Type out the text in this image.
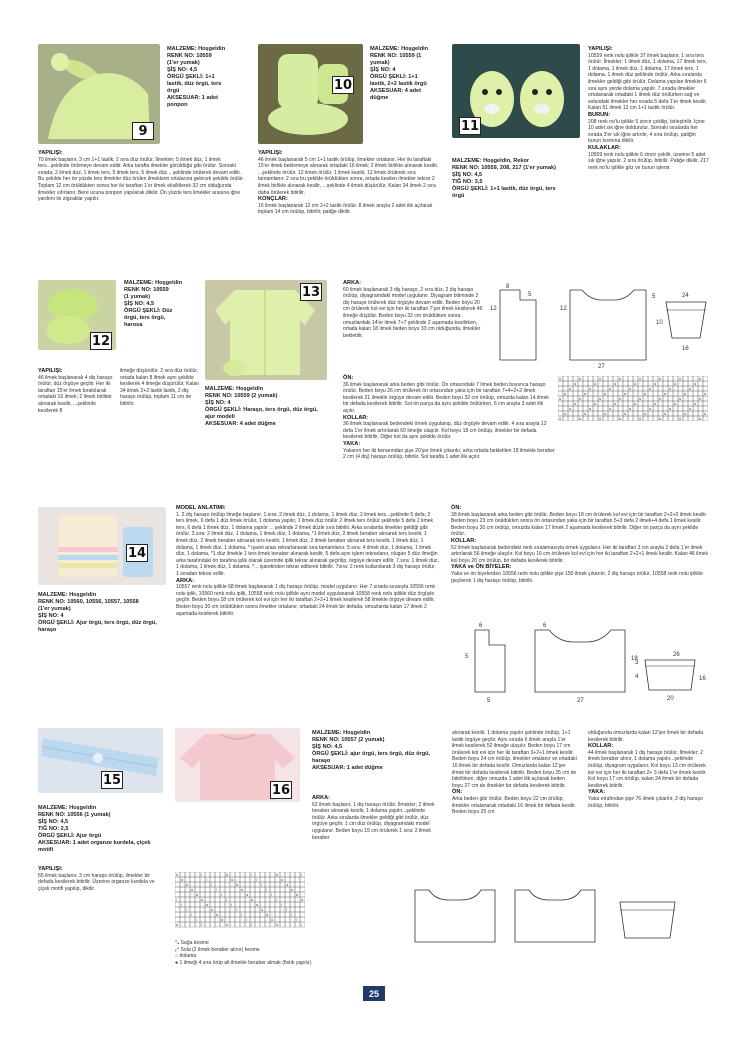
9
MALZEME: Hoşgeldin
RENK NO: 10559
(1'er yumak)
ŞİŞ NO: 4,5
ÖRGÜ ŞEKLİ: 1+1
lastik, düz örgü, ters
örgü
AKSESUAR: 1 adet
ponpon

YAPILIŞI:

70 ilmek başlanır, 3 cm 1+1 lastik, 2 sıra düz örülür. İlmekler; 5 ilmek düz, 1 ilmek ters...şeklinde örülmeye devam edilir. Arka tarafta ilmekler görüldüğü gibi örülür. Sonraki sırada; 2 ilmek düz, 1 ilmek ters, 5 ilmek ters, 5 ilmek düz... şeklinde örülerek devam edilir. Bu şekilde her ön yüzde ters ilmekler düz örülen ilmeklerin ortalarına gelecek şekilde örülür. Toplam 12 cm örüldükten sonra her iki taraftan 1'er ilmek eksiltilerek 32 cm olduğunda ilmekler sıfırlanır. Bere ucuna ponpon yapılarak dikilir. Ön yüzde ters ilmekler arasına iğne yardımı ile zigzaklar yapılır.

10
MALZEME: Hoşgeldin
RENK NO: 10559 (1
yumak)
ŞİŞ NO: 4
ÖRGÜ ŞEKLİ: 1+1
lastik, 2+2 lastik örgü
AKSESUAR: 4 adet
düğme

YAPILIŞI:

46 ilmek başlanarak 5 cm 1+1 lastik örülüp, ilmekler ortalanır. Her iki taraftaki 15'er ilmek beklemeye alınarak ortadaki 16 ilmek; 2 ilmek birlikte alınarak kesilir, ...şeklinde örülür. 12 ilmek örülür, 1 ilmek kesilir, 12 ilmek örülerek sıra tamamlanır. 2 sıra bu şekilde örüldükten sonra, ortada kesilen ilmekler tekrar 2 ilmek birlikte alınarak kesilir, ...şeklinde 4 ilmek düşürülür. Kalan 34 ilmek 2 sıra daha örülerek bitirilir.

KONÇLAR:

16 ilmek başlanarak 12 cm 2+2 lastik örülür. 8 ilmek arayla 2 adet ilik açılarak toplam 14 cm örülüp, bitirilir, patiğe dikilir.

11
MALZEME: Hoşgeldin, Rekor
RENK NO: 10559, 208, 217 (1'er yumak)
ŞİŞ NO: 4,5
TIĞ NO: 3,5
ÖRGÜ ŞEKLİ: 1+1 lastik, düz örgü, ters
örgü

YAPILIŞI:

10559 renk nolu iplikle 37 ilmek başlanır, 1 sıra ters örülür. İlmekler; 1 ilmek düz, 1 dolama, 17 ilmek ters, 1 dolama, 1 ilmek düz, 1 dolama, 17 ilmek ters, 1 dolama, 1 ilmek düz şeklinde örülür. Arka sıralarda ilmekler geldiği gibi örülür. Dolama yapılan ilmekler 6 sıra aynı yerde dolama yapılır. 7.sırada ilmekler ortalanarak ortadaki 1 ilmek düz örülürken sağ ve solundaki ilmekler her sırada 5 defa 1'er ilmek kesilir. Kalan 51 ilmek 12 cm 1+1 lastik örülür.

BURUN:

208 renk no'lu iplikle 5 zincir çekilip, birleştirilir. İçine 10 adet sık iğne doldurulur. Sonraki sıralarda her sırada 3'er sık iğne artırılır, 4 sıra örülüp, patiğin burun kısmına dikilir.

KULAKLAR:

10559 renk nolu iplikle 6 zincir çekilir, üzerine 5 adet sık iğne yapılır. 2 sıra örülüp, bitirilir. Patiğe dikilir. 217 renk no'lu iplikle göz ve burun işlenir.

12
MALZEME: Hoşgeldin
RENK NO: 10559
(1 yumak)
ŞİŞ NO: 4,5
ÖRGÜ ŞEKLİ: Düz
örgü, ters örgü,
harosa

YAPILIŞI:

46 ilmek başlanarak 4 diş haraşo örülür, düz örgüye geçilir. Her iki taraftan 15'er ilmek bırakılarak ortadaki 16 ilmek; 2 ilmek birlikte alınarak kesilir, ...şeklinde kesilerek 8

ilmeğe düşürülür. 2 sıra düz örülür, ortada kalan 8 ilmek aynı şekilde kesilerek 4 ilmeğe düşürülür. Kalan 34 ilmek 2+2 lastik lastik, 2 diş haraşo örülüp, toplam 11 cm de bitirilir.

13
MALZEME: Hoşgeldin
RENK NO: 10559 (2 yumak)
ŞİŞ NO: 4
ÖRGÜ ŞEKLİ: Haraşo, ters örgü, düz örgü,
ajur modeli
AKSESUAR: 4 adet düğme

ARKA:

60 ilmek başlanarak 3 diş haraşo, 2 sıra düz, 2 diş haraşo örülüp, diyagramdaki model uygulanır. Diyagram bitiminde 2 diş haraşo örülerek düz örgüyle devam edilir. Beden boyu 20 cm örülerek kol evi için her iki taraftan 7'şer ilmek kesilerek 46 ilmeğe düşülür. Beden boyu 32 cm örüldükten sonra omuzlardaki 14'er ilmek 7+7 şeklinde 2 aşamada kesilirken, ortada kalan 18 ilmek beden boyu 33 cm olduğunda, ilmekler bekletilir.

ÖN:

36 ilmek başlanarak arka beden gibi örülür. Ön ortasındaki 7 ilmek beden boyunca haraşo örülür. Beden boyu 26 cm örülerek ön ortasından yaka için bir taraftan 7+4+2+2 ilmek kesilerek 21 ilmekle örgüye devam edilir. Beden boyu 32 cm örülüp, omuzda kalan 14 ilmek bir defada kesilerek bitirilir. Sol ön parça da aynı şekilde örülürken, 6 cm arayla 3 adet ilik açılır.

KOLLAR:

36 ilmek başlanarak bedendeki örnek uygulanıp, düz örgüyle devam edilir. 4 sıra arayla 12 defa 1'er ilmek artırılarak 60 ilmeğe ulaşılır. Kol boyu 18 cm örülüp, ilmekler bir defada kesilerek bitirilir. Diğer kol da aynı şekilde örülür.

YAKA:

Yakanın her iki kenarından şişe 20'şer ilmek çıkarılır, arka ortada bekletilen 18 ilmekle beraber 2 cm (4 diş) haraşo örülüp, bitirilir. Sol tarafta 1 adet ilik açılır.

12
5
8
27
12
5	24
10
16
o	o	o	o	o	o	o	o
o	o	o	o	o	o	o
o	o	o	o	o	o	o
o	o	o	o	o	o	o	o
o	o	o	o	o	o	o	o
o	o	o	o	o	o	o
o	o	o	o	o	o	o
o	o	o	o	o	o	o	o
o	o	o	o	o	o	o	o
14
MALZEME: Hoşgeldin
RENK NO: 10560, 10556, 10557, 10558
(1'er yumak)
ŞİŞ NO: 4
ÖRGÜ ŞEKLİ: Ajur örgü, ters örgü, düz örgü,
haraşo

MODEL ANLATIMI:

1. 2.diş haraşo örülüp ilmeğe başlanır. 1.sıra: 2 ilmek düz, 1 dolama, 1 ilmek düz, 2 ilmek ters...şeklinde 5 defa; 2 ters ilmek, 6 defa 1 düz ilmek örülür, 1 dolama yapılır, 1 ilmek düz örülür 2 ilmek ters örülür şeklinde 5 defa 2 ilmek ters, 6 defa 1 ilmek düz, 1 dolama yapılır ... şeklinde 2 ilmek düzle sıra bitirilir. Arka sıralarda ilmekler geldiği gibi örülür. 3.sıra: 2 ilmek düz, 1 dolama, 1 ilmek düz, 1 dolama, *1 ilmek düz, 2 ilmek beraber alınarak ters kesilir, 1 ilmek düz, 2 ilmek beraber alınarak ters kesilir, 1 ilmek düz, 2 ilmek beraber alınarak ters kesilir, 1 ilmek düz, 1 dolama, 1 ilmek düz, 1 dolama, * işaret arası tekrarlanarak sıra tamamlanır. 5.sıra: 4 ilmek düz, 1 dolama, 1 ilmek düz, 1 dolama, *1 düz ilmekle 1 ters ilmek beraber alınarak kesilir, 5 defa aynı işlem tekrarlanır, olugan 5 düz ilmeğin arka tarafındaki ön tarafına iplik olarak üzerinde iplik tekrar alınarak geçirilip, örgüye devam edilir. 7.sıra: 1 ilmek düz, 1 dolama, 1 ilmek düz, 1 dolama, *... işaretinden tekrar edilerek bitirilir. 7sıra: 2 renk kullanılarak 3 diş haraşo örülür, 1 sıradan tekrar edilir.

ARKA:

10557 renk nolu iplikle 68 ilmek başlanarak 1 diş haraşo örülüp, model uygulanır. Her 7.sırada sırasıyla 10556 renk nolu iplik, 10560 renk nolu iplik, 10558 renk nolu iplikle aynı model uygulanarak 10558 renk nolu iplikle düz örgüyle geçilir. Beden boyu 18 cm örülerek kol evi için her iki taraftan 2+2+1 ilmek kesilerek 58 ilmekle örgüye devam edilir. Beden boyu 30 cm örüldükten sonra ilmekler ortalanır, ortadaki 24 ilmek bir defada, omuzlarda kalan 17 ilmek 2 aşamada kesilerek bitirilir.

ÖN:

38 ilmek başlanarak arka beden gibi örülür. Beden boyu 18 cm örülerek kol evi için bir taraftan 2+2+2 ilmek kesilir. Beden boyu 23 cm örüldükten sonra ön ortasından yaka için bir taraftan 5+3 defa 2 ilmek+4 defa 1 ilmek kesilir. Beden boyu 30 cm örülüp, omuzda kalan 17 ilmek 2 aşamada kesilerek bitirilir. Diğer ön parça da aynı şekilde örülür.

KOLLAR:

52 ilmek başlanarak bedendeki renk sıralamasıyla örnek uygulanır. Her iki taraftan 3 cm arayla 2 defa 1'er ilmek artırılarak 56 ilmeğe ulaşılır. Kol boyu 16 cm örülerek kol evi için her iki taraftan 2+2+1 ilmek kesilir. Kalan 46 ilmek kol boyu 20 cm örülüp, bir defada kesilerek bitirilir.

YAKA ve ÖN BİYELER:

Yaka ve ön biyelerden 10556 renk nolu iplikle şişe 150 ilmek çıkarılır, 2 diş haraşo örülür, 10558 renk nolu iplikle geçilerek 1 diş haraşo örülüp, bitirilir.

6
5
5
6
18
27
3
4
20
26
16
15
MALZEME: Hoşgeldin
RENK NO: 10556 (1 yumak)
ŞİŞ NO: 4,5
TIĞ NO: 2,5
ÖRGÜ ŞEKLİ: Ajur örgü
AKSESUAR: 1 adet organze kurdela, çiçek
motifi

YAPILIŞI:

65 ilmek başlanır, 3 cm haraşo örülüp, ilmekler bir defada kesilerek bitirilir. Üzerine organze kurdela ve çiçek motifi yapılıp, dikilir.

16
MALZEME: Hoşgeldin
RENK NO: 10557 (2 yumak)
ŞİŞ NO: 4,5
ÖRGÜ ŞEKLİ: ajur örgü, ters örgü, düz örgü,
haraşo
AKSESUAR: 1 adet düğme

ARKA:

62 ilmek başlanır, 1 diş haraşo örülür. İlmekler; 2 ilmek beraber alınarak kesilir, 1 dolama yapılır...şeklinde örülür. Arka sıralarda ilmekler geldiği gibi örülür, düz örgüye geçilir. 1 cm düz örülüp, diyagramdaki model uygulanır. Beden boyu 15 cm örülerek 1 sıra; 2 ilmek beraber

alınarak kesilir, 1 dolama yapılır şeklinde örülüp, 1+1 lastik örgüye geçilir. Aynı sırada 6 ilmek arayla 1'er ilmek kesilerek 52 ilmeğe ulaşılır. Beden boyu 17 cm örülerek kol evi için her iki taraftan 3+2+1 ilmek kesilir. Beden boyu 24 cm örülüp, ilmekler ortalanır ve ortadaki 16 ilmek bir defada kesilir. Omuzlarda kalan 12'şer ilmek bir defada kesilerek bitirilir. Beden boyu 25 cm de bitirilirken, diğer omuzda 1 adet ilik açılarak beden boyu 27 cm de ilmekler bir defada kesilerek bitirilir.

ÖN:

Arka beden gibi örülür. Beden boyu 22 cm örülüp, ilmekler ortalanarak ortadaki 16 ilmek bir defada kesilir. Beden boyu 25 cm

olduğunda omuzlarda kalan 12'şer ilmek bir defada kesilerek bitirilir.

KOLLAR:

44 ilmek başlanarak 1 diş haraşo örülür. İlmekler; 2 ilmek beraber alınır, 1 dolama yapılır...şeklinde örülüp, diyagram uygulanır. Kol boyu 13 cm örülerek kol evi için her iki taraftan 2+ 3 defa 1'er ilmek kesilir. Kol boyu 17 cm örülüp, kalan 24 ilmek bir defada kesilerek bitirilir.

YAKA:

Yaka etrafından şişe 76 ilmek çıkarılır, 2 diş haraşo örülüp, bitirilir.

o	/	o	/	o	/
o	/	o	/	o
o	/	o	/	o
o	/	o	/	o
o	/	o	/	o
/	o	/	o	/	o
/	o	/	o	/
/	o	/	o	/
/	o	/	o	/
/	o	/	o	/
o	/	o	/	o	/

⤡ Sağa kesme

⤢ Sola (2 ilmek beraber alınır) kesme

○ dolama

● 1 ilmeği 4 sıra örüp alt ilmekle beraber almak (fistık yapılır)

25
